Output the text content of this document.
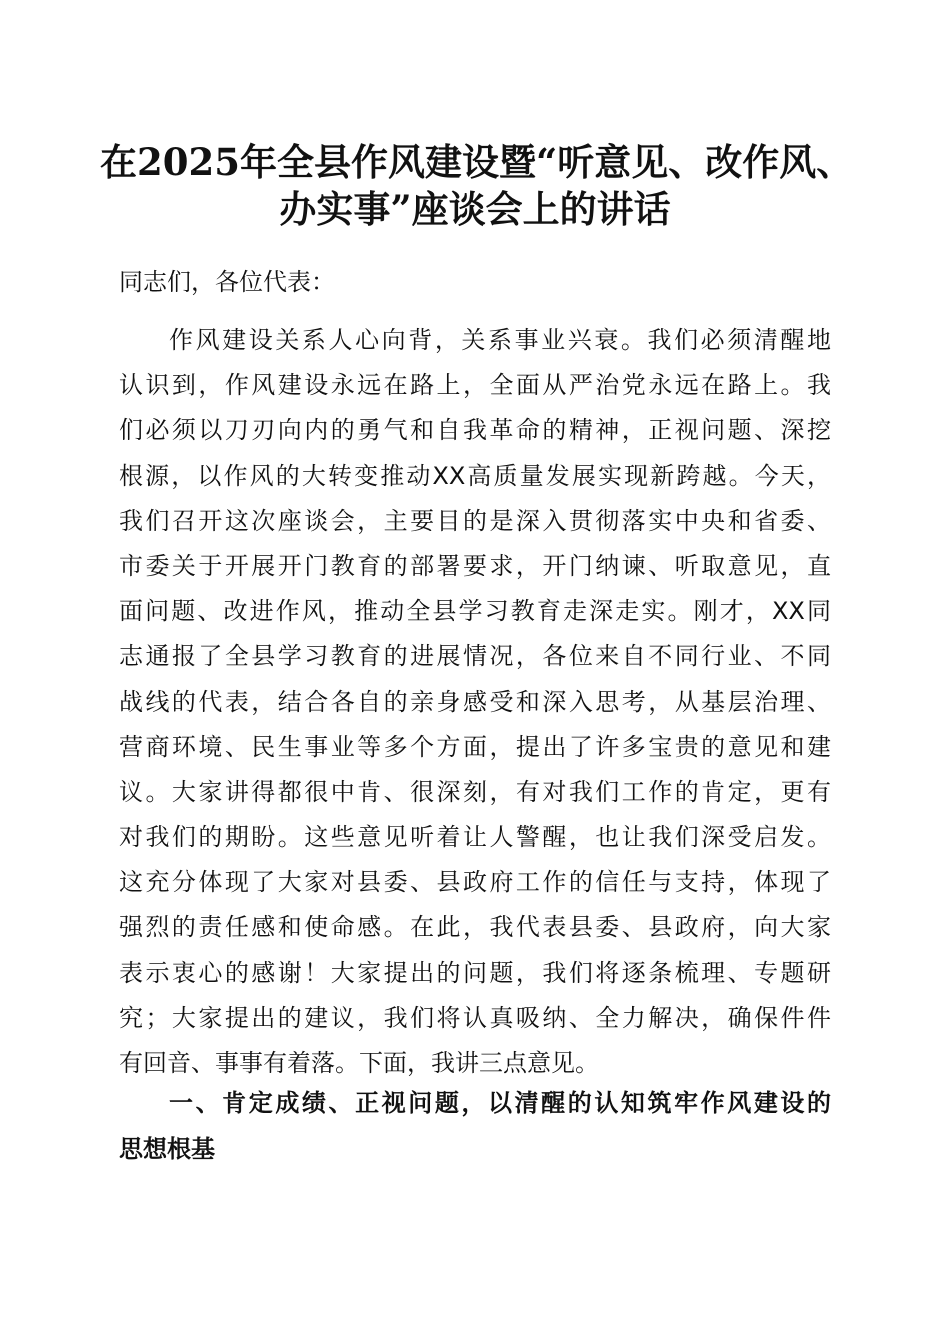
在2025年全县作风建设暨“听意见、改作风、
办实事”座谈会上的讲话
同志们，各位代表：
作风建设关系人心向背，关系事业兴衰。我们必须清醒地
认识到，作风建设永远在路上，全面从严治党永远在路上。我
们必须以刀刃向内的勇气和自我革命的精神，正视问题、深挖
根源，以作风的大转变推动XX高质量发展实现新跨越。今天，
我们召开这次座谈会，主要目的是深入贯彻落实中央和省委、
市委关于开展开门教育的部署要求，开门纳谏、听取意见，直
面问题、改进作风，推动全县学习教育走深走实。刚才，XX同
志通报了全县学习教育的进展情况，各位来自不同行业、不同
战线的代表，结合各自的亲身感受和深入思考，从基层治理、
营商环境、民生事业等多个方面，提出了许多宝贵的意见和建
议。大家讲得都很中肯、很深刻，有对我们工作的肯定，更有
对我们的期盼。这些意见听着让人警醒，也让我们深受启发。
这充分体现了大家对县委、县政府工作的信任与支持，体现了
强烈的责任感和使命感。在此，我代表县委、县政府，向大家
表示衷心的感谢！大家提出的问题，我们将逐条梳理、专题研
究；大家提出的建议，我们将认真吸纳、全力解决，确保件件
有回音、事事有着落。下面，我讲三点意见。
一、肯定成绩、正视问题，以清醒的认知筑牢作风建设的
思想根基
